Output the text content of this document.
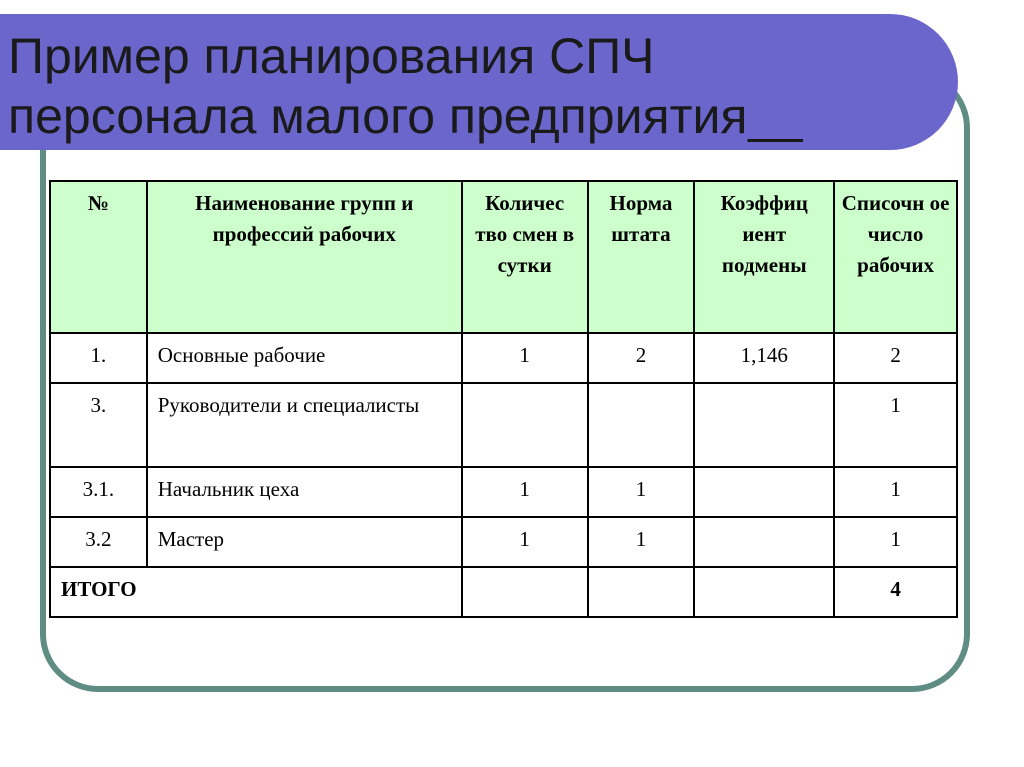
Пример планирования СПЧ
персонала малого предприятия
№	Наименование групп и профессий рабочих	Количес тво смен в сутки	Норма штата	Коэффиц иент подмены	Списочн ое число рабочих
1.	Основные рабочие	1	2	1,146	2
3.	Руководители и специалисты				1
3.1.	Начальник цеха	1	1		1
3.2	Мастер	1	1		1
ИТОГО					4
